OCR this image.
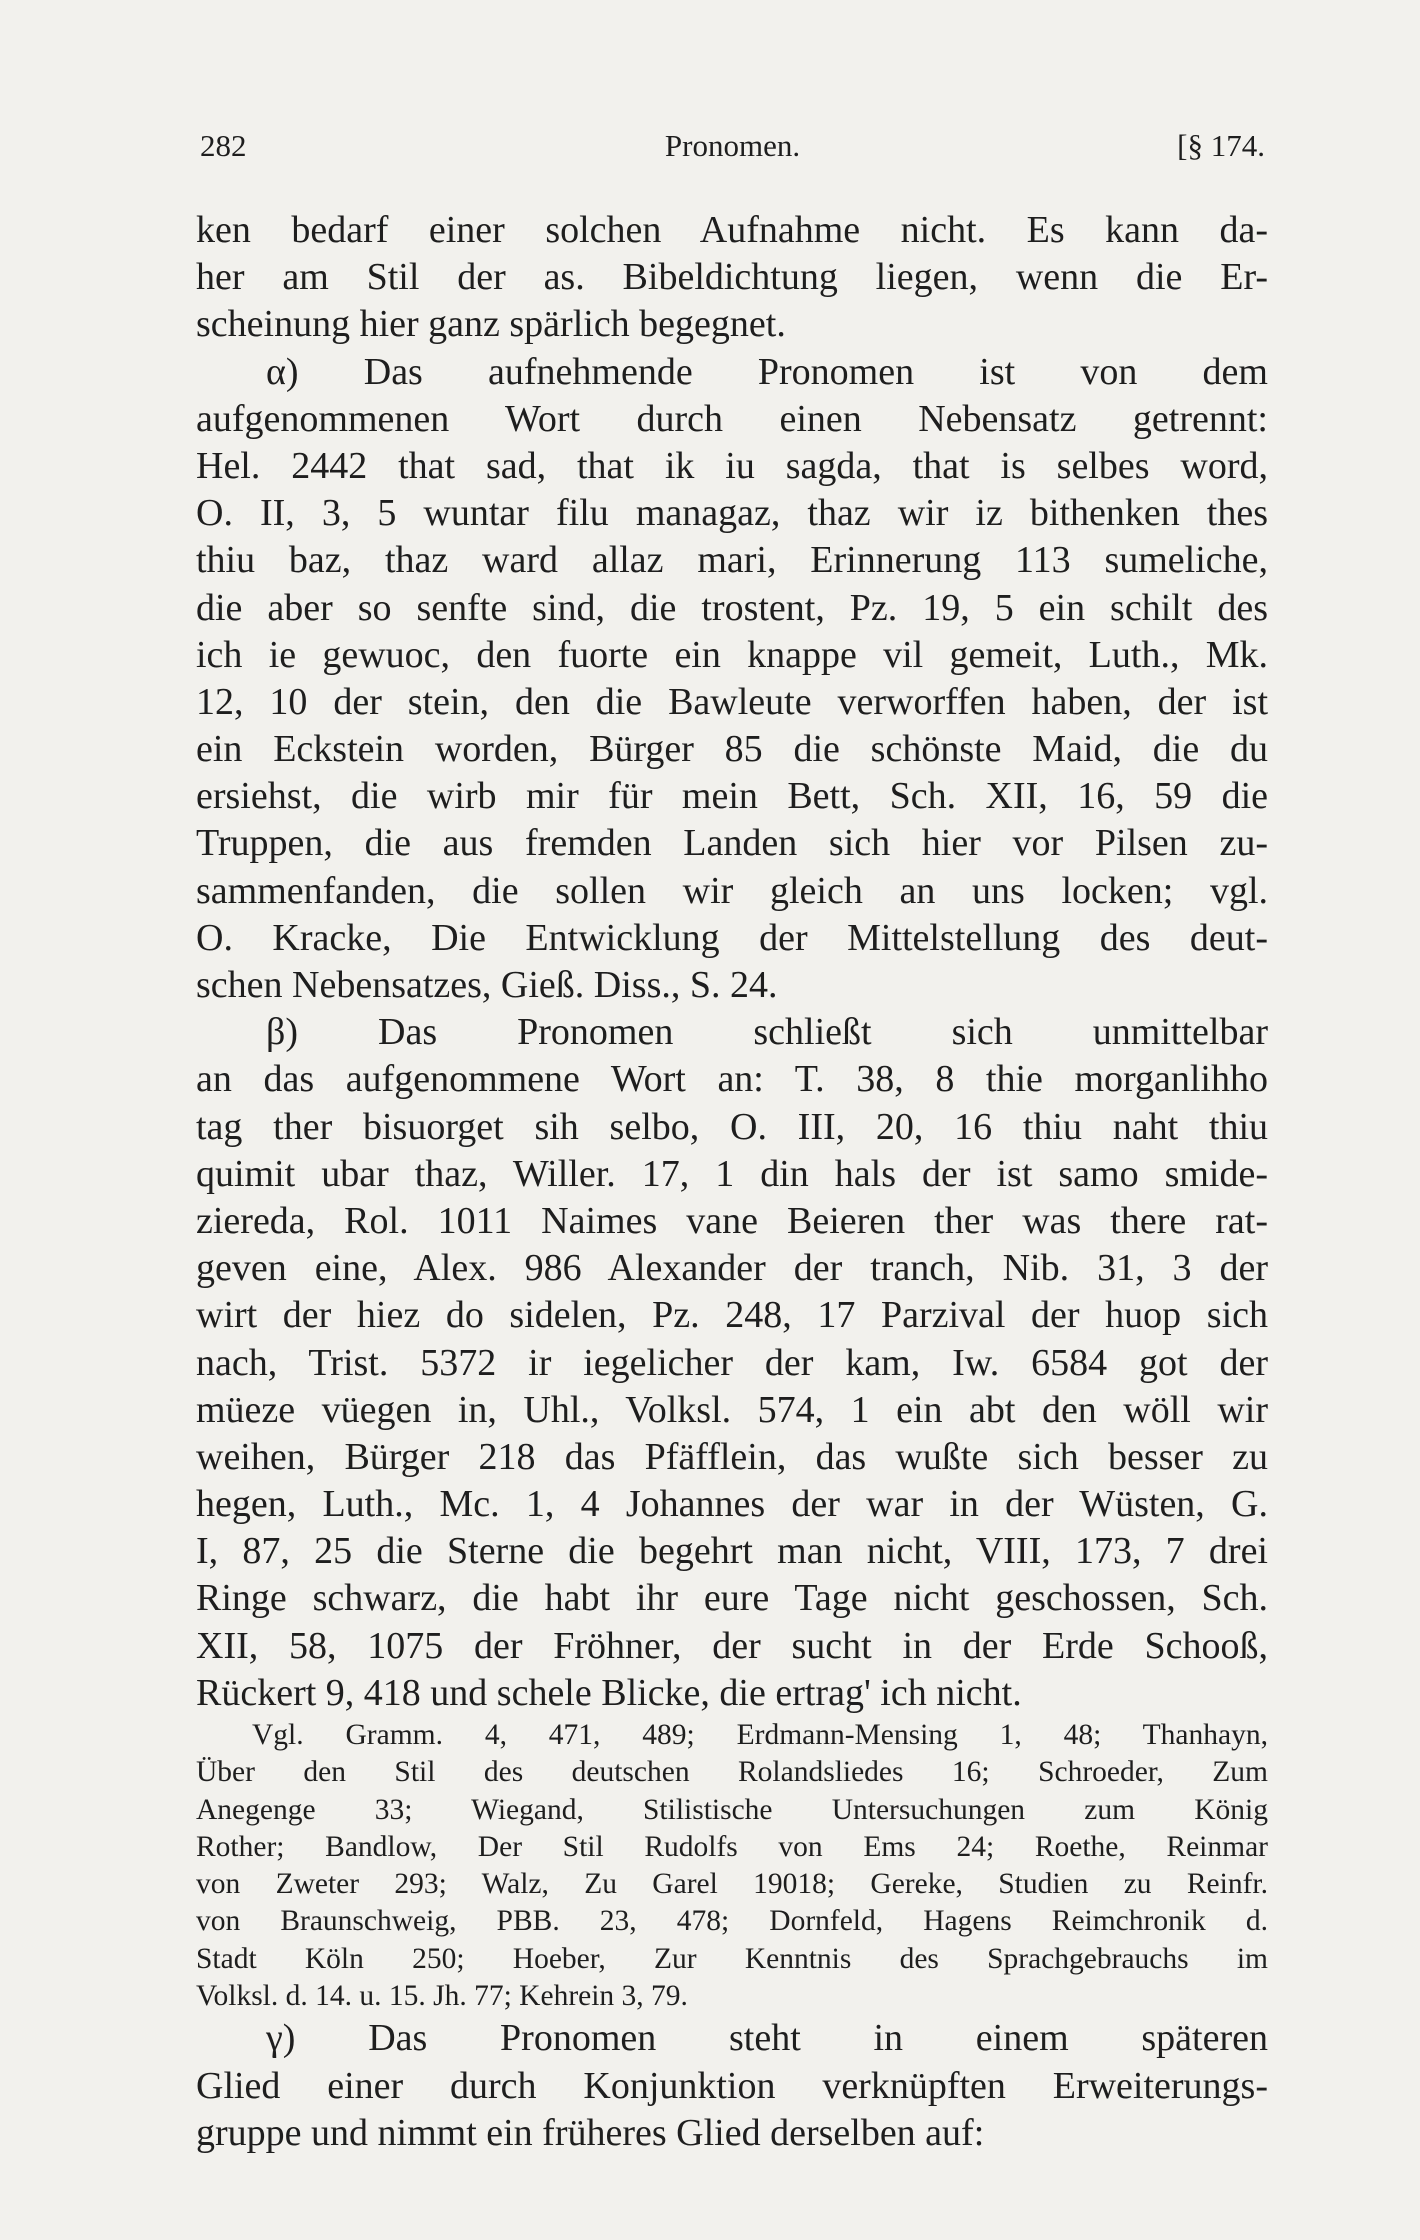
282	Pronomen.	[§ 174.

ken bedarf einer solchen Aufnahme nicht. Es kann da-
her am Stil der as. Bibeldichtung liegen, wenn die Er-
scheinung hier ganz spärlich begegnet.

α) Das aufnehmende Pronomen ist von dem
aufgenommenen Wort durch einen Nebensatz getrennt:
Hel. 2442 that sad, that ik iu sagda, that is selbes word,
O. II, 3, 5 wuntar filu managaz, thaz wir iz bithenken thes
thiu baz, thaz ward allaz mari, Erinnerung 113 sumeliche,
die aber so senfte sind, die trostent, Pz. 19, 5 ein schilt des
ich ie gewuoc, den fuorte ein knappe vil gemeit, Luth., Mk.
12, 10 der stein, den die Bawleute verworffen haben, der ist
ein Eckstein worden, Bürger 85 die schönste Maid, die du
ersiehst, die wirb mir für mein Bett, Sch. XII, 16, 59 die
Truppen, die aus fremden Landen sich hier vor Pilsen zu-
sammenfanden, die sollen wir gleich an uns locken; vgl.
O. Kracke, Die Entwicklung der Mittelstellung des deut-
schen Nebensatzes, Gieß. Diss., S. 24.

β) Das Pronomen schließt sich unmittelbar
an das aufgenommene Wort an: T. 38, 8 thie morganlihho
tag ther bisuorget sih selbo, O. III, 20, 16 thiu naht thiu
quimit ubar thaz, Willer. 17, 1 din hals der ist samo smide-
ziereda, Rol. 1011 Naimes vane Beieren ther was there rat-
geven eine, Alex. 986 Alexander der tranch, Nib. 31, 3 der
wirt der hiez do sidelen, Pz. 248, 17 Parzival der huop sich
nach, Trist. 5372 ir iegelicher der kam, Iw. 6584 got der
müeze vüegen in, Uhl., Volksl. 574, 1 ein abt den wöll wir
weihen, Bürger 218 das Pfäfflein, das wußte sich besser zu
hegen, Luth., Mc. 1, 4 Johannes der war in der Wüsten, G.
I, 87, 25 die Sterne die begehrt man nicht, VIII, 173, 7 drei
Ringe schwarz, die habt ihr eure Tage nicht geschossen, Sch.
XII, 58, 1075 der Fröhner, der sucht in der Erde Schooß,
Rückert 9, 418 und schele Blicke, die ertrag' ich nicht.

Vgl. Gramm. 4, 471, 489; Erdmann-Mensing 1, 48; Thanhayn,
Über den Stil des deutschen Rolandsliedes 16; Schroeder, Zum
Anegenge 33; Wiegand, Stilistische Untersuchungen zum König
Rother; Bandlow, Der Stil Rudolfs von Ems 24; Roethe, Reinmar
von Zweter 293; Walz, Zu Garel 19018; Gereke, Studien zu Reinfr.
von Braunschweig, PBB. 23, 478; Dornfeld, Hagens Reimchronik d.
Stadt Köln 250; Hoeber, Zur Kenntnis des Sprachgebrauchs im
Volksl. d. 14. u. 15. Jh. 77; Kehrein 3, 79.

γ) Das Pronomen steht in einem späteren
Glied einer durch Konjunktion verknüpften Erweiterungs-
gruppe und nimmt ein früheres Glied derselben auf:
